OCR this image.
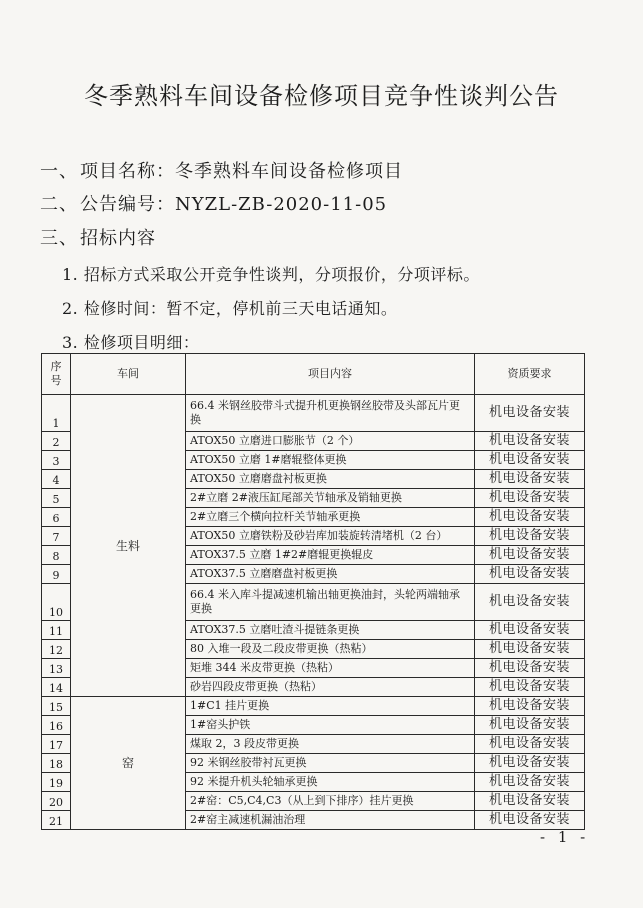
冬季熟料车间设备检修项目竞争性谈判公告
一、 项目名称：冬季熟料车间设备检修项目
二、 公告编号：NYZL-ZB-2020-11-05
三、 招标内容
1. 招标方式采取公开竞争性谈判，分项报价，分项评标。
2. 检修时间：暂不定，停机前三天电话通知。
3. 检修项目明细：
序
号	车间	项目内容	资质要求
1	生料	66.4 米钢丝胶带斗式提升机更换钢丝胶带及头部瓦片更换	机电设备安装
2		ATOX50 立磨进口膨胀节（2 个）	机电设备安装
3		ATOX50 立磨 1#磨辊整体更换	机电设备安装
4		ATOX50 立磨磨盘衬板更换	机电设备安装
5		2#立磨 2#液压缸尾部关节轴承及销轴更换	机电设备安装
6		2#立磨三个横向拉杆关节轴承更换	机电设备安装
7		ATOX50 立磨铁粉及砂岩库加装旋转清堵机（2 台）	机电设备安装
8		ATOX37.5 立磨 1#2#磨辊更换辊皮	机电设备安装
9		ATOX37.5 立磨磨盘衬板更换	机电设备安装
10		66.4 米入库斗提减速机输出轴更换油封，头轮两端轴承更换	机电设备安装
11		ATOX37.5 立磨吐渣斗提链条更换	机电设备安装
12		80 入堆一段及二段皮带更换（热粘）	机电设备安装
13		矩堆 344 米皮带更换（热粘）	机电设备安装
14		砂岩四段皮带更换（热粘）	机电设备安装
15	窑	1#C1 挂片更换	机电设备安装
16		1#窑头护铁	机电设备安装
17		煤取 2，3 段皮带更换	机电设备安装
18		92 米钢丝胶带衬瓦更换	机电设备安装
19		92 米提升机头轮轴承更换	机电设备安装
20		2#窑：C5,C4,C3（从上到下排序）挂片更换	机电设备安装
21		2#窑主减速机漏油治理	机电设备安装
- 1 -
